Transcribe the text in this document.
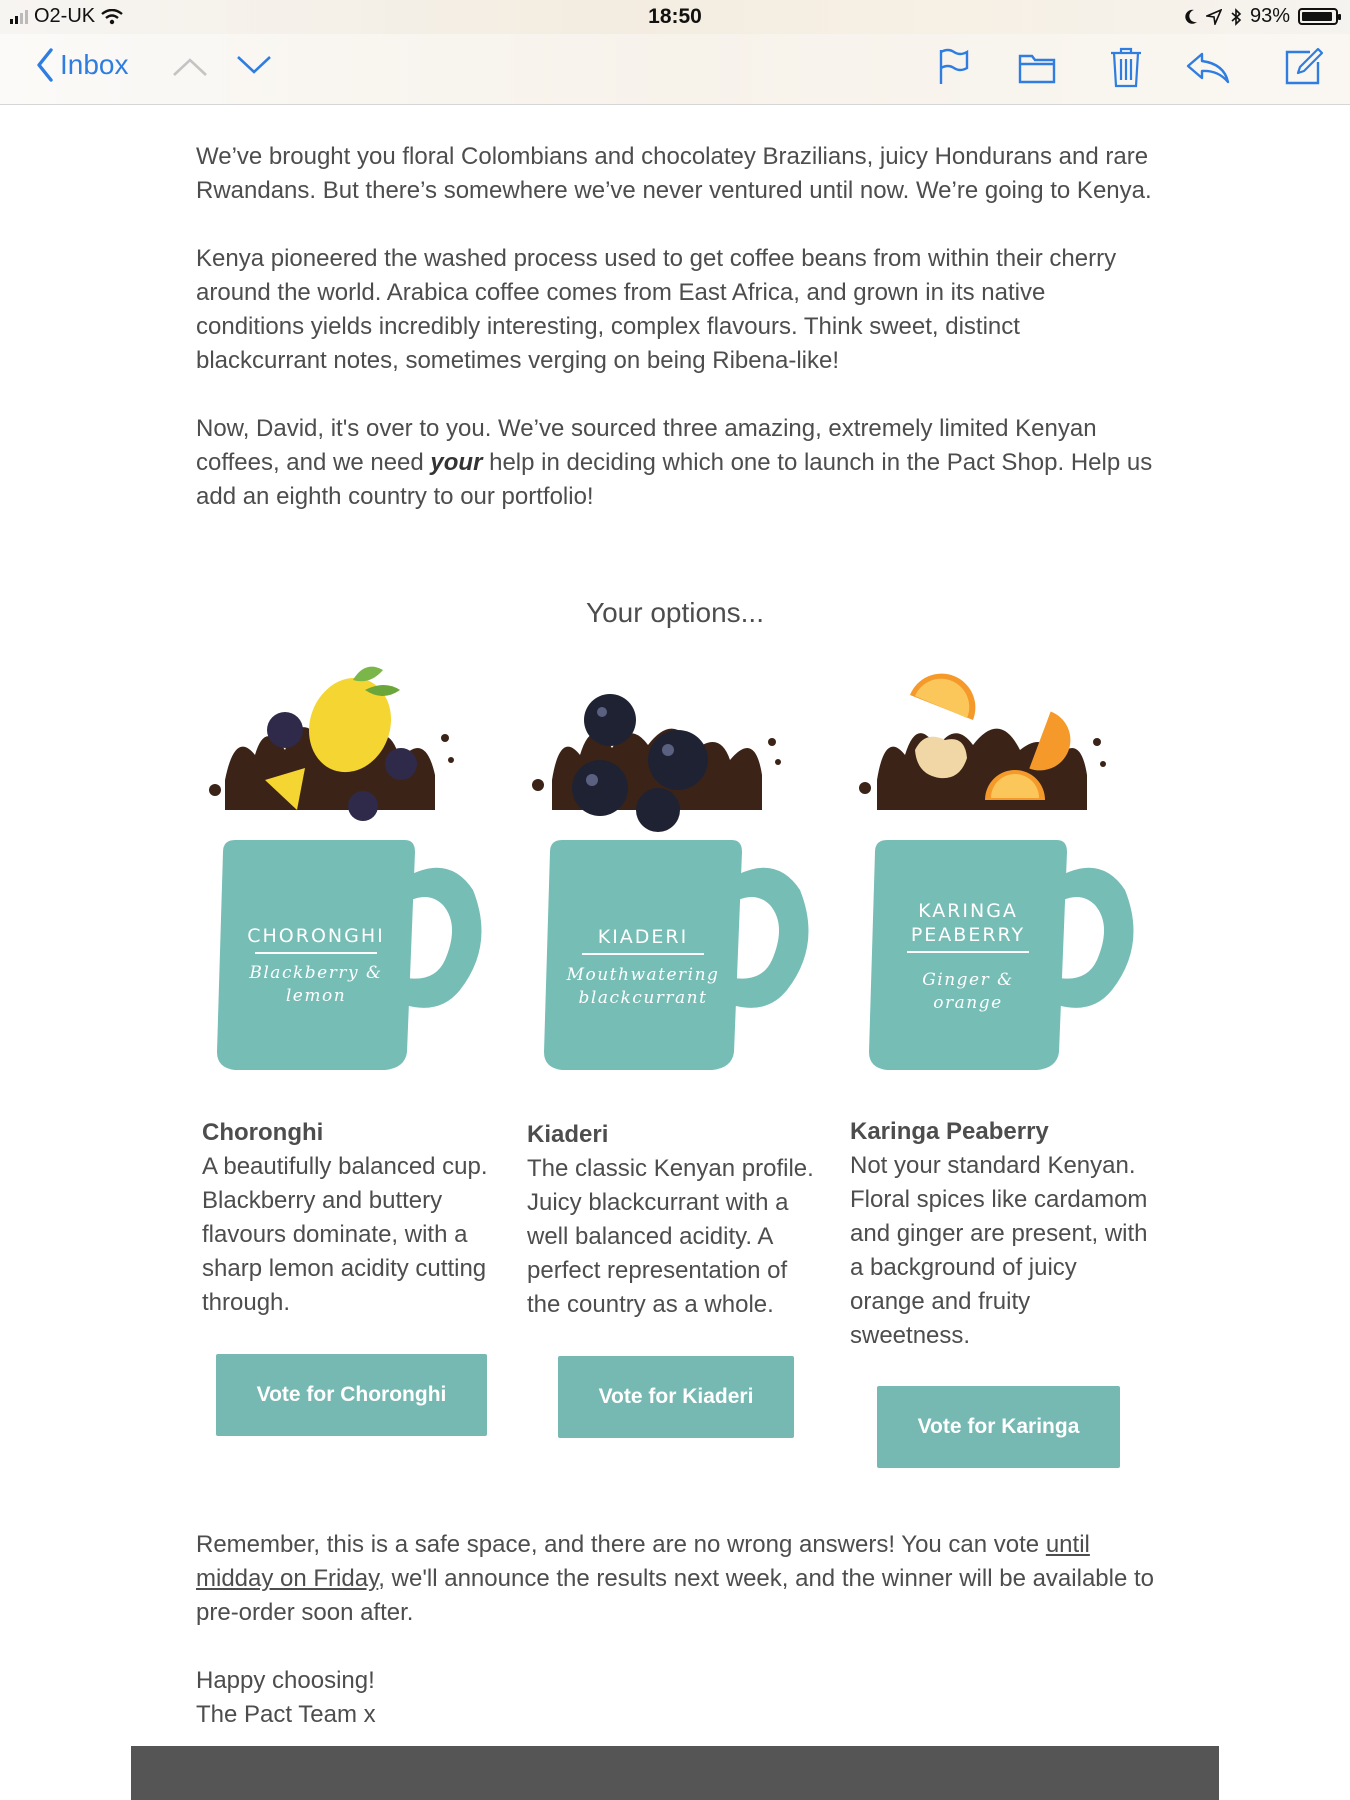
O2-UK	18:50	93%
Inbox

We’ve brought you floral Colombians and chocolatey Brazilians, juicy Hondurans and rare Rwandans. But there’s somewhere we’ve never ventured until now. We’re going to Kenya.

Kenya pioneered the washed process used to get coffee beans from within their cherry around the world. Arabica coffee comes from East Africa, and grown in its native conditions yields incredibly interesting, complex flavours. Think sweet, distinct blackcurrant notes, sometimes verging on being Ribena-like!

Now, David, it's over to you. We’ve sourced three amazing, extremely limited Kenyan coffees, and we need your help in deciding which one to launch in the Pact Shop. Help us add an eighth country to our portfolio!

Your options...
CHORONGHI
Blackberry &
lemon
KIADERI
Mouthwatering
blackcurrant
KARINGA
PEABERRY
Ginger &
orange
Choronghi
A beautifully balanced cup. Blackberry and buttery flavours dominate, with a sharp lemon acidity cutting through.
Kiaderi
The classic Kenyan profile. Juicy blackcurrant with a well balanced acidity. A perfect representation of the country as a whole.
Karinga Peaberry
Not your standard Kenyan. Floral spices like cardamom and ginger are present, with a background of juicy orange and fruity sweetness.
Vote for Choronghi	Vote for Kiaderi
Vote for Karinga

Remember, this is a safe space, and there are no wrong answers! You can vote until midday on Friday, we'll announce the results next week, and the winner will be available to pre-order soon after.

Happy choosing!
The Pact Team x
